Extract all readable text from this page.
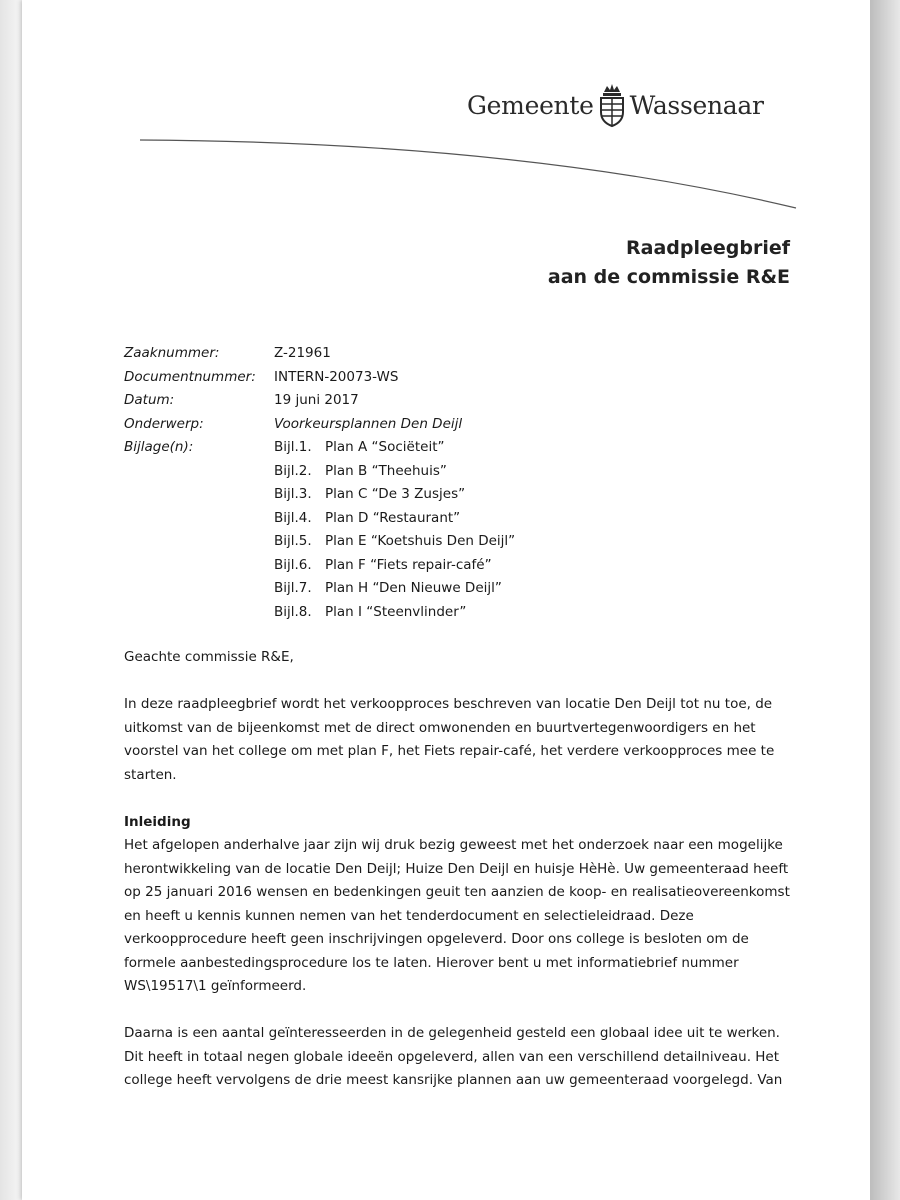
Gemeente Wassenaar
Raadpleegbrief
aan de commissie R&E
Zaaknummer:	Z-21961
Documentnummer:	INTERN-20073-WS
Datum:	19 juni 2017
Onderwerp:	Voorkeursplannen Den Deijl
Bijlage(n):	Bijl.1. Plan A “Sociëteit”
Bijl.2. Plan B “Theehuis”
Bijl.3. Plan C “De 3 Zusjes”
Bijl.4. Plan D “Restaurant”
Bijl.5. Plan E “Koetshuis Den Deijl”
Bijl.6. Plan F “Fiets repair-café”
Bijl.7. Plan H “Den Nieuwe Deijl”
Bijl.8. Plan I “Steenvlinder”

Geachte commissie R&E,

In deze raadpleegbrief wordt het verkoopproces beschreven van locatie Den Deijl tot nu toe, de

uitkomst van de bijeenkomst met de direct omwonenden en buurtvertegenwoordigers en het

voorstel van het college om met plan F, het Fiets repair-café, het verdere verkoopproces mee te

starten.

Inleiding

Het afgelopen anderhalve jaar zijn wij druk bezig geweest met het onderzoek naar een mogelijke

herontwikkeling van de locatie Den Deijl; Huize Den Deijl en huisje HèHè. Uw gemeenteraad heeft

op 25 januari 2016 wensen en bedenkingen geuit ten aanzien de koop- en realisatieovereenkomst

en heeft u kennis kunnen nemen van het tenderdocument en selectieleidraad. Deze

verkoopprocedure heeft geen inschrijvingen opgeleverd. Door ons college is besloten om de

formele aanbestedingsprocedure los te laten. Hierover bent u met informatiebrief nummer

WS\19517\1 geïnformeerd.

Daarna is een aantal geïnteresseerden in de gelegenheid gesteld een globaal idee uit te werken.

Dit heeft in totaal negen globale ideeën opgeleverd, allen van een verschillend detailniveau. Het

college heeft vervolgens de drie meest kansrijke plannen aan uw gemeenteraad voorgelegd. Van
